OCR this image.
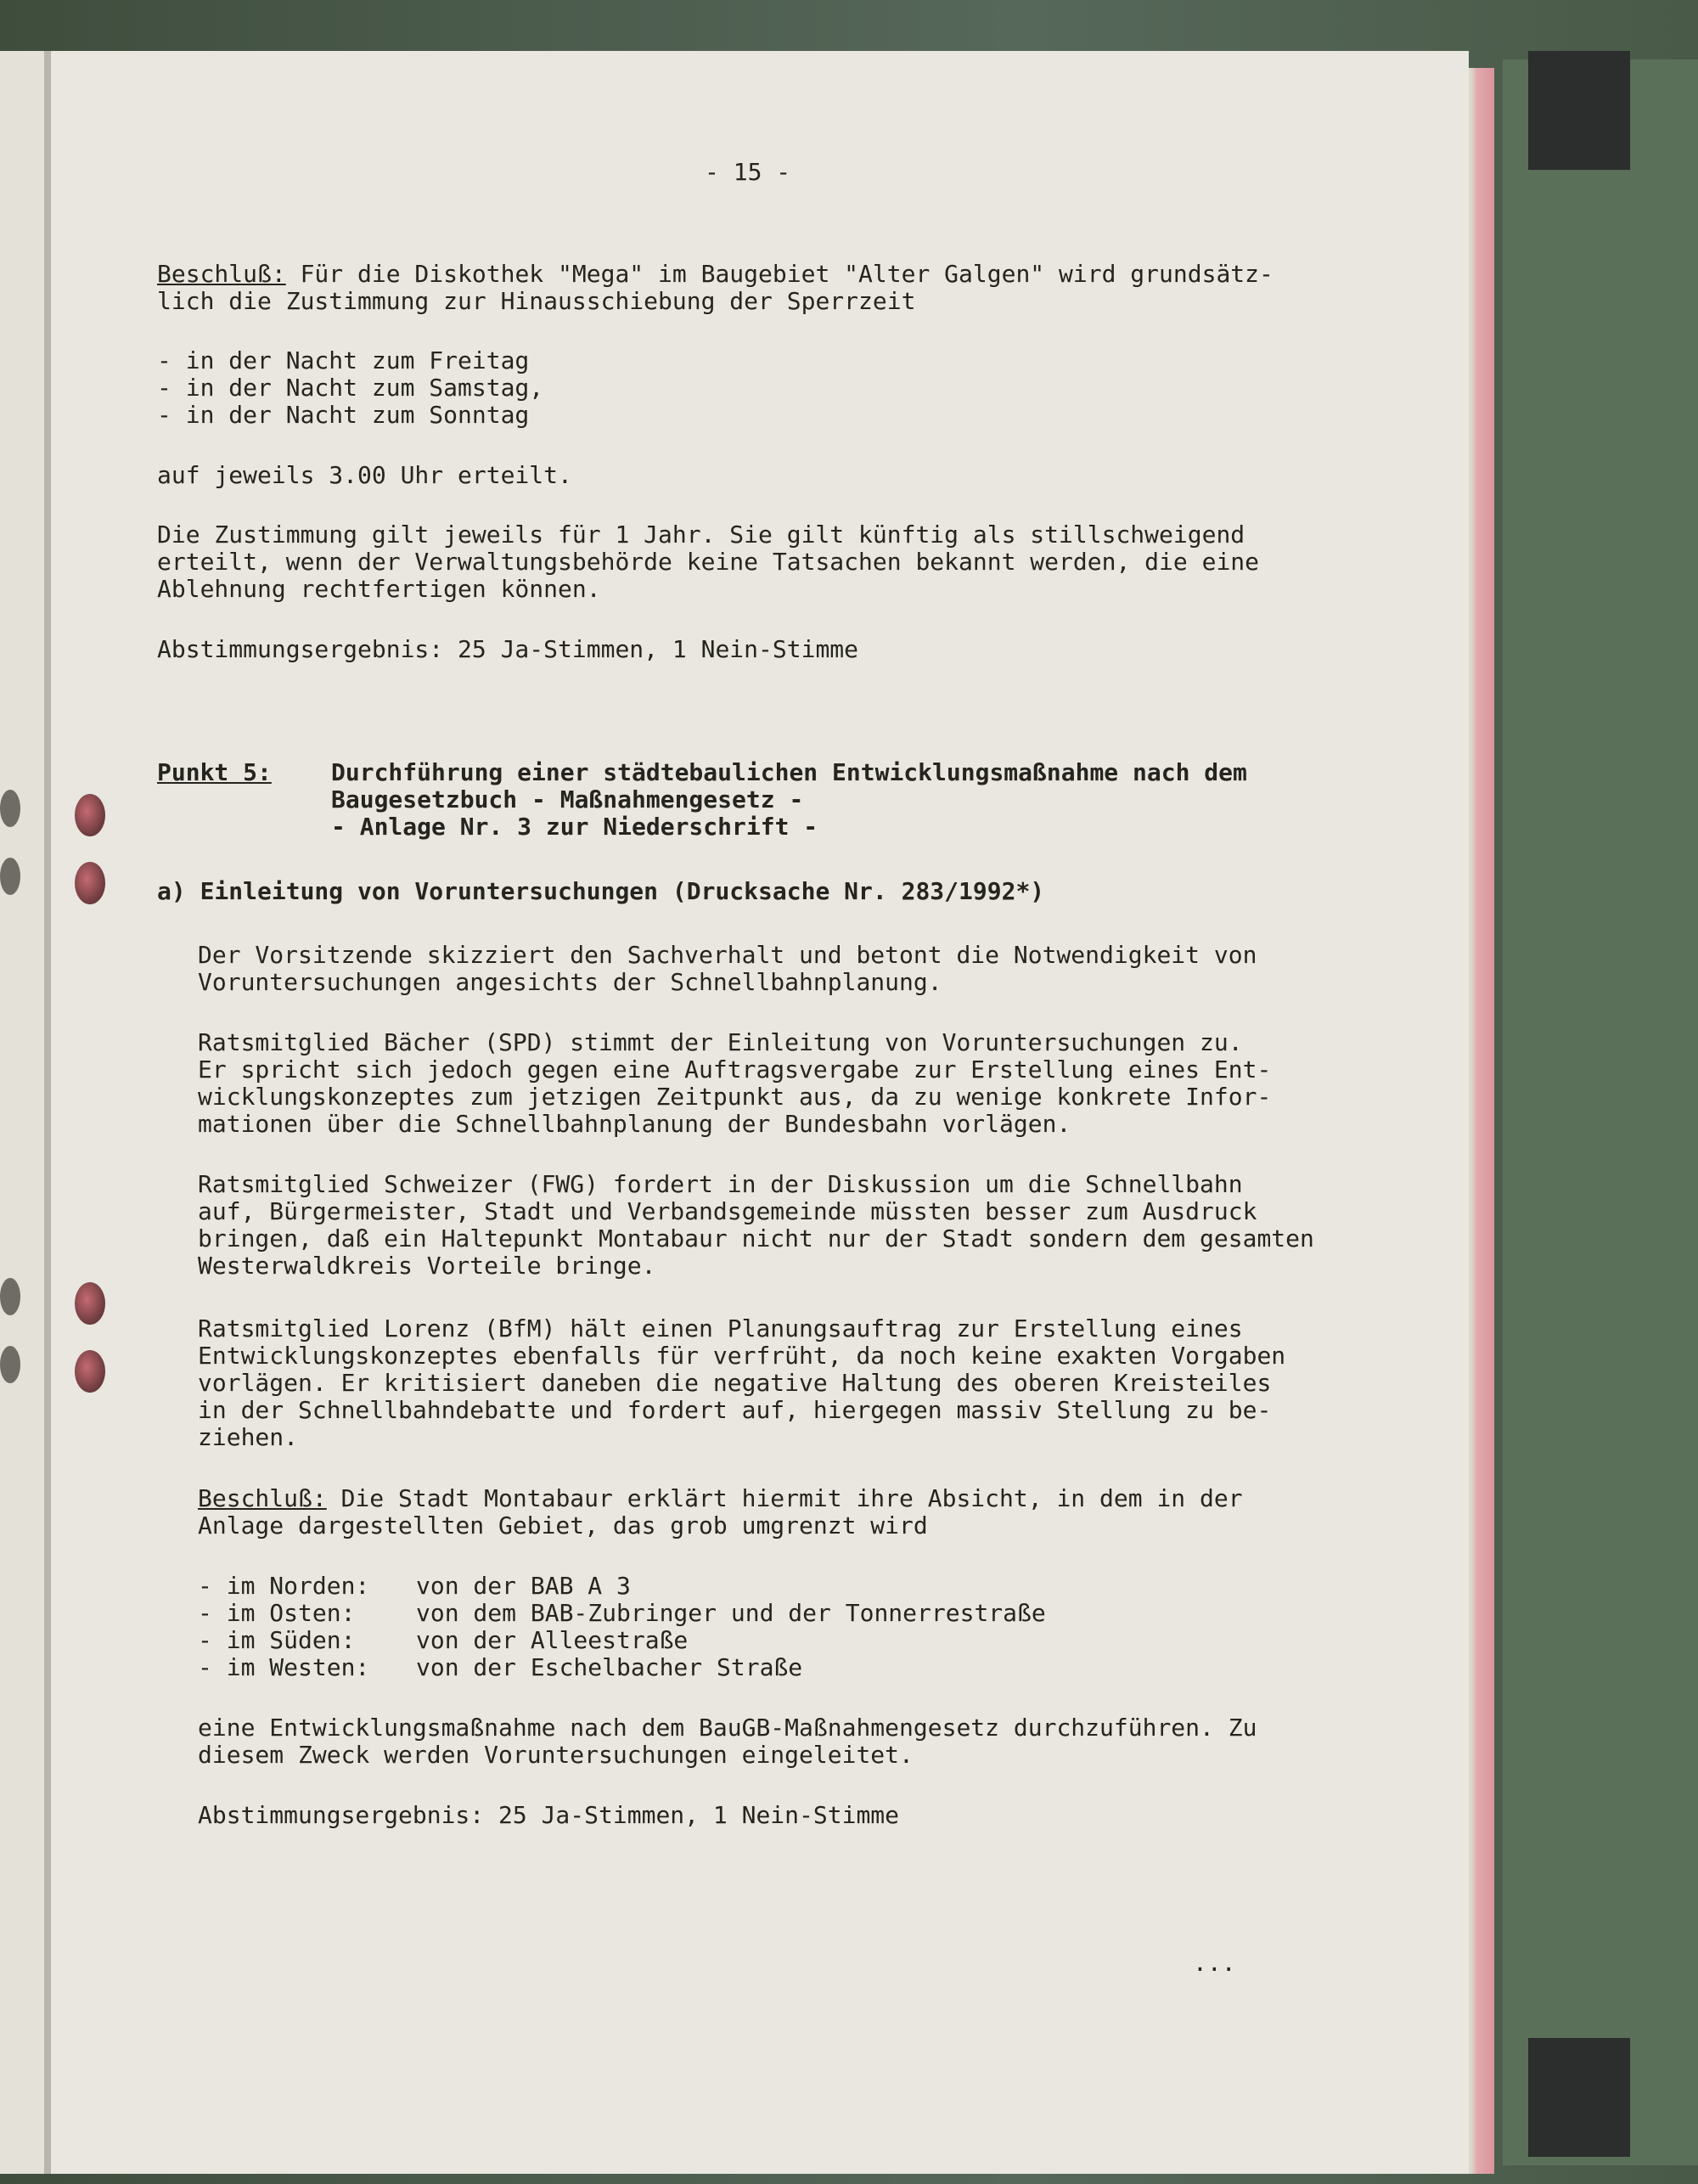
- 15 -
Beschluß: Für die Diskothek "Mega" im Baugebiet "Alter Galgen" wird grundsätz-
lich die Zustimmung zur Hinausschiebung der Sperrzeit
- in der Nacht zum Freitag
- in der Nacht zum Samstag,
- in der Nacht zum Sonntag
auf jeweils 3.00 Uhr erteilt.
Die Zustimmung gilt jeweils für 1 Jahr. Sie gilt künftig als stillschweigend
erteilt, wenn der Verwaltungsbehörde keine Tatsachen bekannt werden, die eine
Ablehnung rechtfertigen können.
Abstimmungsergebnis: 25 Ja-Stimmen, 1 Nein-Stimme
Punkt 5:	Durchführung einer städtebaulichen Entwicklungsmaßnahme nach dem
Baugesetzbuch - Maßnahmengesetz -
- Anlage Nr. 3 zur Niederschrift -
a) Einleitung von Voruntersuchungen (Drucksache Nr. 283/1992*)
Der Vorsitzende skizziert den Sachverhalt und betont die Notwendigkeit von
Voruntersuchungen angesichts der Schnellbahnplanung.
Ratsmitglied Bächer (SPD) stimmt der Einleitung von Voruntersuchungen zu.
Er spricht sich jedoch gegen eine Auftragsvergabe zur Erstellung eines Ent-
wicklungskonzeptes zum jetzigen Zeitpunkt aus, da zu wenige konkrete Infor-
mationen über die Schnellbahnplanung der Bundesbahn vorlägen.
Ratsmitglied Schweizer (FWG) fordert in der Diskussion um die Schnellbahn
auf, Bürgermeister, Stadt und Verbandsgemeinde müssten besser zum Ausdruck
bringen, daß ein Haltepunkt Montabaur nicht nur der Stadt sondern dem gesamten
Westerwaldkreis Vorteile bringe.
Ratsmitglied Lorenz (BfM) hält einen Planungsauftrag zur Erstellung eines
Entwicklungskonzeptes ebenfalls für verfrüht, da noch keine exakten Vorgaben
vorlägen. Er kritisiert daneben die negative Haltung des oberen Kreisteiles
in der Schnellbahndebatte und fordert auf, hiergegen massiv Stellung zu be-
ziehen.
Beschluß: Die Stadt Montabaur erklärt hiermit ihre Absicht, in dem in der
Anlage dargestellten Gebiet, das grob umgrenzt wird
- im Norden: von der BAB A 3
- im Osten:	von dem BAB-Zubringer und der Tonnerrestraße
- im Süden:	von der Alleestraße
- im Westen: von der Eschelbacher Straße
eine Entwicklungsmaßnahme nach dem BauGB-Maßnahmengesetz durchzuführen. Zu
diesem Zweck werden Voruntersuchungen eingeleitet.
Abstimmungsergebnis: 25 Ja-Stimmen, 1 Nein-Stimme
...
